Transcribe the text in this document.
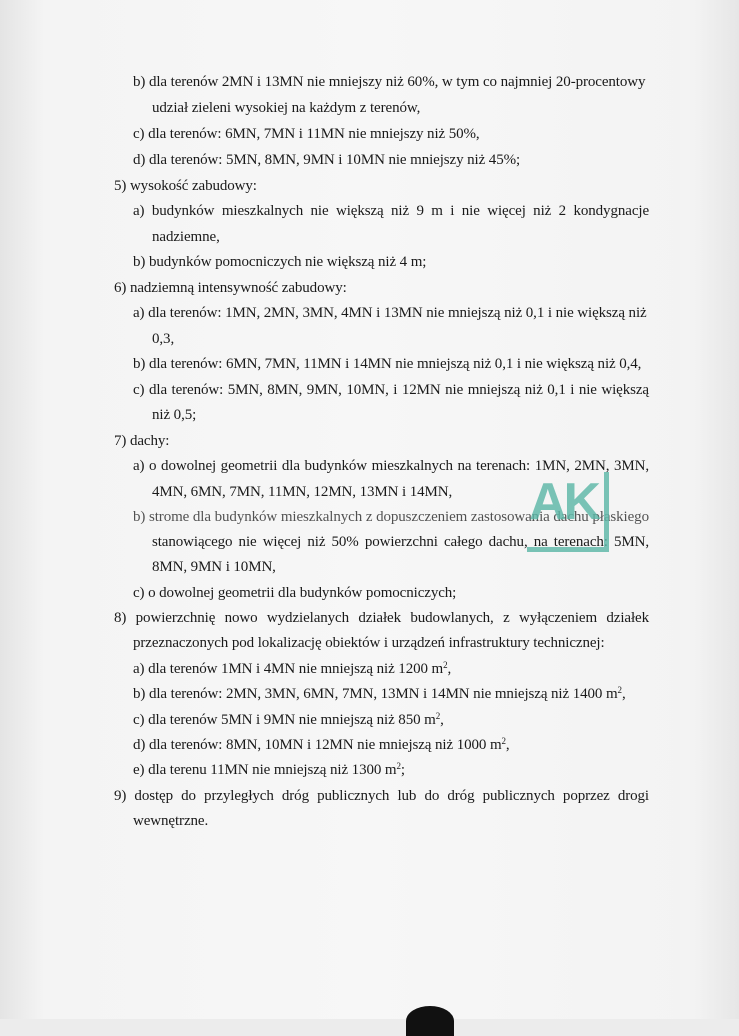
b) dla terenów 2MN i 13MN nie mniejszy niż 60%, w tym co najmniej 20-procentowy
udział zieleni wysokiej na każdym z terenów,
c) dla terenów: 6MN, 7MN i 11MN nie mniejszy niż 50%,
d) dla terenów: 5MN, 8MN, 9MN i 10MN nie mniejszy niż 45%;
5) wysokość zabudowy:
a) budynków mieszkalnych nie większą niż 9 m i nie więcej niż 2 kondygnacje
nadziemne,
b) budynków pomocniczych nie większą niż 4 m;
6) nadziemną intensywność zabudowy:
a) dla terenów: 1MN, 2MN, 3MN, 4MN i 13MN nie mniejszą niż 0,1 i nie większą niż
0,3,
b) dla terenów: 6MN, 7MN, 11MN i 14MN nie mniejszą niż 0,1 i nie większą niż 0,4,
c) dla terenów: 5MN, 8MN, 9MN, 10MN, i 12MN nie mniejszą niż 0,1 i nie większą
niż 0,5;
7) dachy:
a) o dowolnej geometrii dla budynków mieszkalnych na terenach: 1MN, 2MN, 3MN,
4MN, 6MN, 7MN, 11MN, 12MN, 13MN i 14MN,
b) strome dla budynków mieszkalnych z dopuszczeniem zastosowania dachu płaskiego
stanowiącego nie więcej niż 50% powierzchni całego dachu, na terenach: 5MN,
8MN, 9MN i 10MN,
c) o dowolnej geometrii dla budynków pomocniczych;
8) powierzchnię nowo wydzielanych działek budowlanych, z wyłączeniem działek
przeznaczonych pod lokalizację obiektów i urządzeń infrastruktury technicznej:
a) dla terenów 1MN i 4MN nie mniejszą niż 1200 $m^2$,
b) dla terenów: 2MN, 3MN, 6MN, 7MN, 13MN i 14MN nie mniejszą niż 1400 $m^2$,
c) dla terenów 5MN i 9MN nie mniejszą niż 850 $m^2$,
d) dla terenów: 8MN, 10MN i 12MN nie mniejszą niż 1000 $m^2$,
e) dla terenu 11MN nie mniejszą niż 1300 $m^2$;
9) dostęp do przyległych dróg publicznych lub do dróg publicznych poprzez drogi
wewnętrzne.
AK
